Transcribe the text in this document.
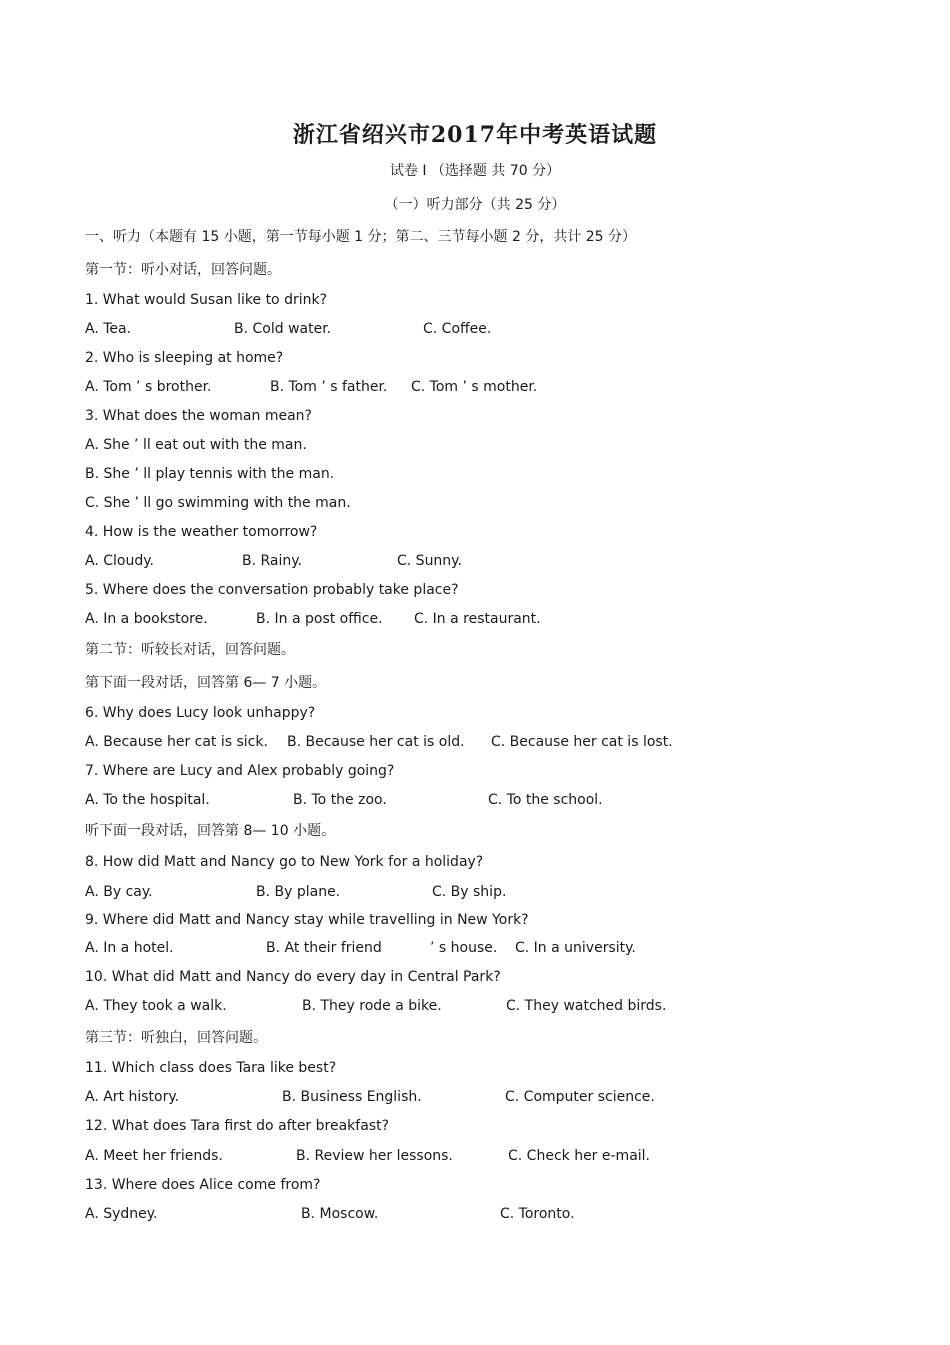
浙江省绍兴市2017年中考英语试题
试卷 Ⅰ （选择题 共 70 分）
（一）听力部分（共 25 分）
一、听力（本题有 15 小题，第一节每小题 1 分；第二、三节每小题 2 分，共计 25 分）
第一节：听小对话，回答问题。
1. What would Susan like to drink?
A. Tea.	B. Cold water.	C. Coffee.
2. Who is sleeping at home?
A. Tom ’ s brother.	B. Tom ’ s father. C. Tom ’ s mother.
3. What does the woman mean?
A. She ’ ll eat out with the man.
B. She ’ ll play tennis with the man.
C. She ’ ll go swimming with the man.
4. How is the weather tomorrow?
A. Cloudy.	B. Rainy.	C. Sunny.
5. Where does the conversation probably take place?
A. In a bookstore.	B. In a post office. C. In a restaurant.
第二节：听较长对话，回答问题。
第下面一段对话，回答第 6— 7 小题。
6. Why does Lucy look unhappy?
A. Because her cat is sick. B. Because her cat is old. C. Because her cat is lost.
7. Where are Lucy and Alex probably going?
A. To the hospital.	B. To the zoo.	C. To the school.
听下面一段对话，回答第 8— 10 小题。
8. How did Matt and Nancy go to New York for a holiday?
A. By cay.	B. By plane.	C. By ship.
9. Where did Matt and Nancy stay while travelling in New York?
A. In a hotel.	B. At their friend	’ s house. C. In a university.
10. What did Matt and Nancy do every day in Central Park?
A. They took a walk.	B. They rode a bike.	C. They watched birds.
第三节：听独白，回答问题。
11. Which class does Tara like best?
A. Art history.	B. Business English.	C. Computer science.
12. What does Tara first do after breakfast?
A. Meet her friends.	B. Review her lessons.	C. Check her e-mail.
13. Where does Alice come from?
A. Sydney.	B. Moscow.	C. Toronto.
